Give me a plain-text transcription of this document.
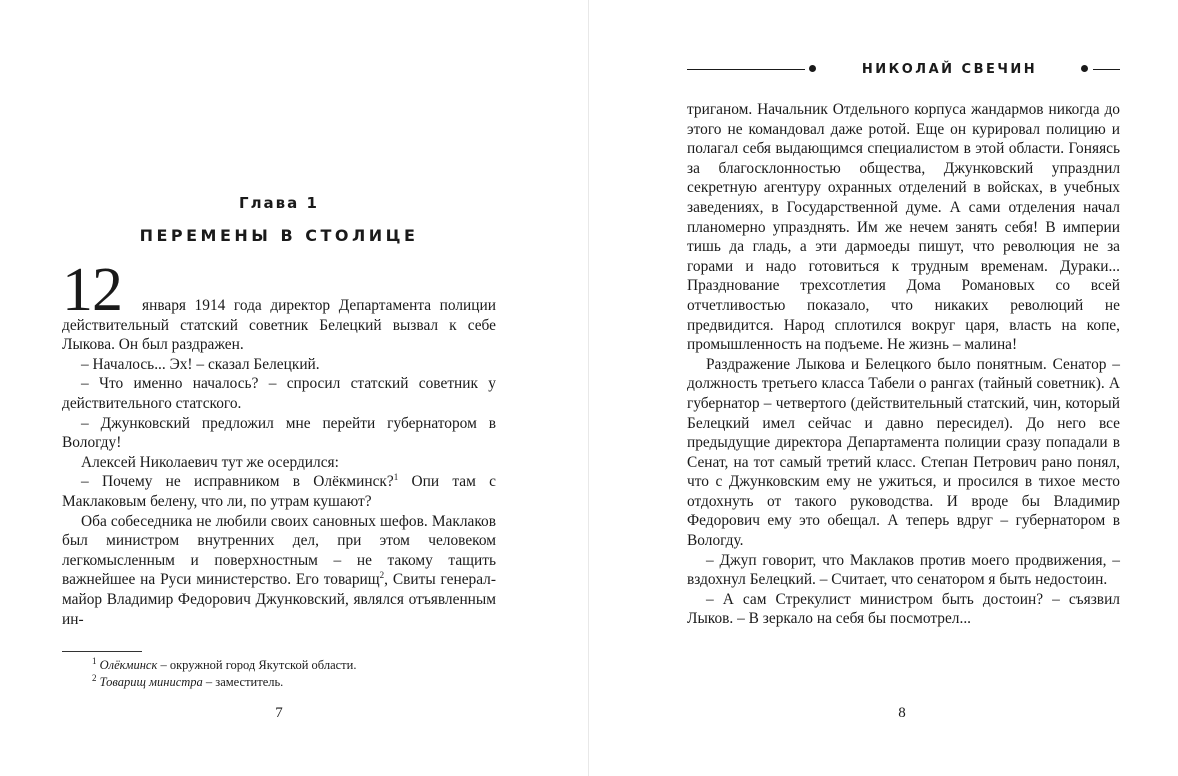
Глава 1
ПЕРЕМЕНЫ В СТОЛИЦЕ

12	января 1914 года директор Департамента полиции действительный статский советник Белецкий вызвал к себе Лыкова. Он был раздражен.

– Началось... Эх! – сказал Белецкий.

– Что именно началось? – спросил статский советник у действительного статского.

– Джунковский предложил мне перейти губернатором в Вологду!

Алексей Николаевич тут же осердился:

– Почему не исправником в Олёкминск?$^1$ Опи там с Маклаковым белену, что ли, по утрам кушают?

Оба собеседника не любили своих сановных шефов. Маклаков был министром внутренних дел, при этом человеком легкомысленным и поверхностным – не такому тащить важнейшее на Руси министерство. Его товарищ$^2$, Свиты генерал-майор Владимир Федорович Джунковский, являлся отъявленным ин-

$^1$ Олёкминск – окружной город Якутской области.
$^2$ Товарищ министра – заместитель.
7
НИКОЛАЙ СВЕЧИН

триганом. Начальник Отдельного корпуса жандармов никогда до этого не командовал даже ротой. Еще он курировал полицию и полагал себя выдающимся специалистом в этой области. Гоняясь за благосклонностью общества, Джунковский упразднил секретную агентуру охранных отделений в войсках, в учебных заведениях, в Государственной думе. А сами отделения начал планомерно упразднять. Им же нечем занять себя! В империи тишь да гладь, а эти дармоеды пишут, что революция не за горами и надо готовиться к трудным временам. Дураки... Празднование трехсотлетия Дома Романовых со всей отчетливостью показало, что никаких революций не предвидится. Народ сплотился вокруг царя, власть на копе, промышленность на подъеме. Не жизнь – малина!

Раздражение Лыкова и Белецкого было понятным. Сенатор – должность третьего класса Табели о рангах (тайный советник). А губернатор – четвертого (действительный статский, чин, который Белецкий имел сейчас и давно пересидел). До него все предыдущие директора Департамента полиции сразу попадали в Сенат, на тот самый третий класс. Степан Петрович рано понял, что с Джунковским ему не ужиться, и просился в тихое место отдохнуть от такого руководства. И вроде бы Владимир Федорович ему это обещал. А теперь вдруг – губернатором в Вологду.

– Джуп говорит, что Маклаков против моего продвижения, – вздохнул Белецкий. – Считает, что сенатором я быть недостоин.

– А сам Стрекулист министром быть достоин? – съязвил Лыков. – В зеркало на себя бы посмотрел...

8
